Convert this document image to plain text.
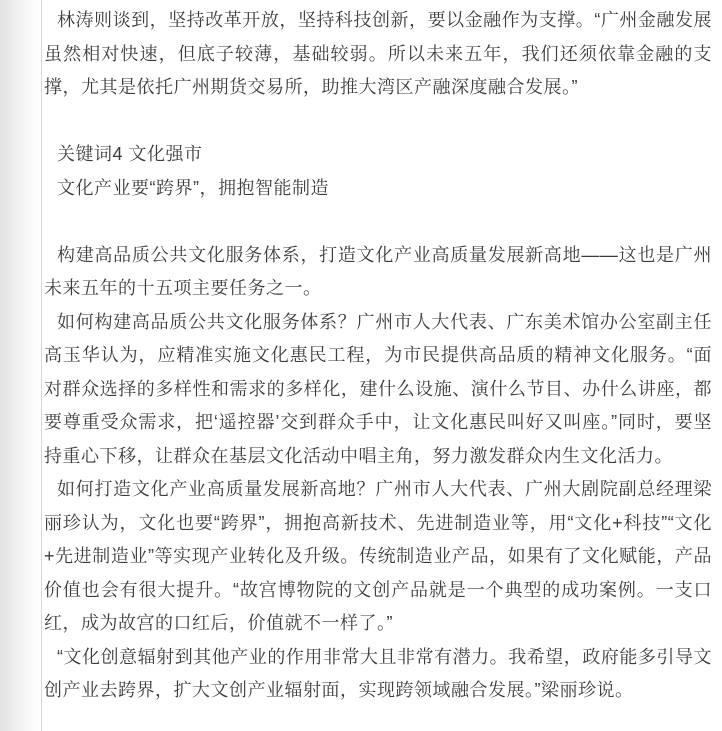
林涛则谈到，坚持改革开放，坚持科技创新，要以金融作为支撑。“广州金融发展虽然相对快速，但底子较薄，基础较弱。所以未来五年，我们还须依靠金融的支撑，尤其是依托广州期货交易所，助推大湾区产融深度融合发展。”

关键词4 文化强市

文化产业要“跨界”，拥抱智能制造

构建高品质公共文化服务体系，打造文化产业高质量发展新高地——这也是广州未来五年的十五项主要任务之一。

如何构建高品质公共文化服务体系？广州市人大代表、广东美术馆办公室副主任高玉华认为，应精准实施文化惠民工程，为市民提供高品质的精神文化服务。“面对群众选择的多样性和需求的多样化，建什么设施、演什么节目、办什么讲座，都要尊重受众需求，把‘遥控器’交到群众手中，让文化惠民叫好又叫座。”同时，要坚持重心下移，让群众在基层文化活动中唱主角，努力激发群众内生文化活力。

如何打造文化产业高质量发展新高地？广州市人大代表、广州大剧院副总经理梁丽珍认为，文化也要“跨界”，拥抱高新技术、先进制造业等，用“文化+科技”“文化+先进制造业”等实现产业转化及升级。传统制造业产品，如果有了文化赋能，产品价值也会有很大提升。“故宫博物院的文创产品就是一个典型的成功案例。一支口红，成为故宫的口红后，价值就不一样了。”

“文化创意辐射到其他产业的作用非常大且非常有潜力。我希望，政府能多引导文创产业去跨界，扩大文创产业辐射面，实现跨领域融合发展。”梁丽珍说。
